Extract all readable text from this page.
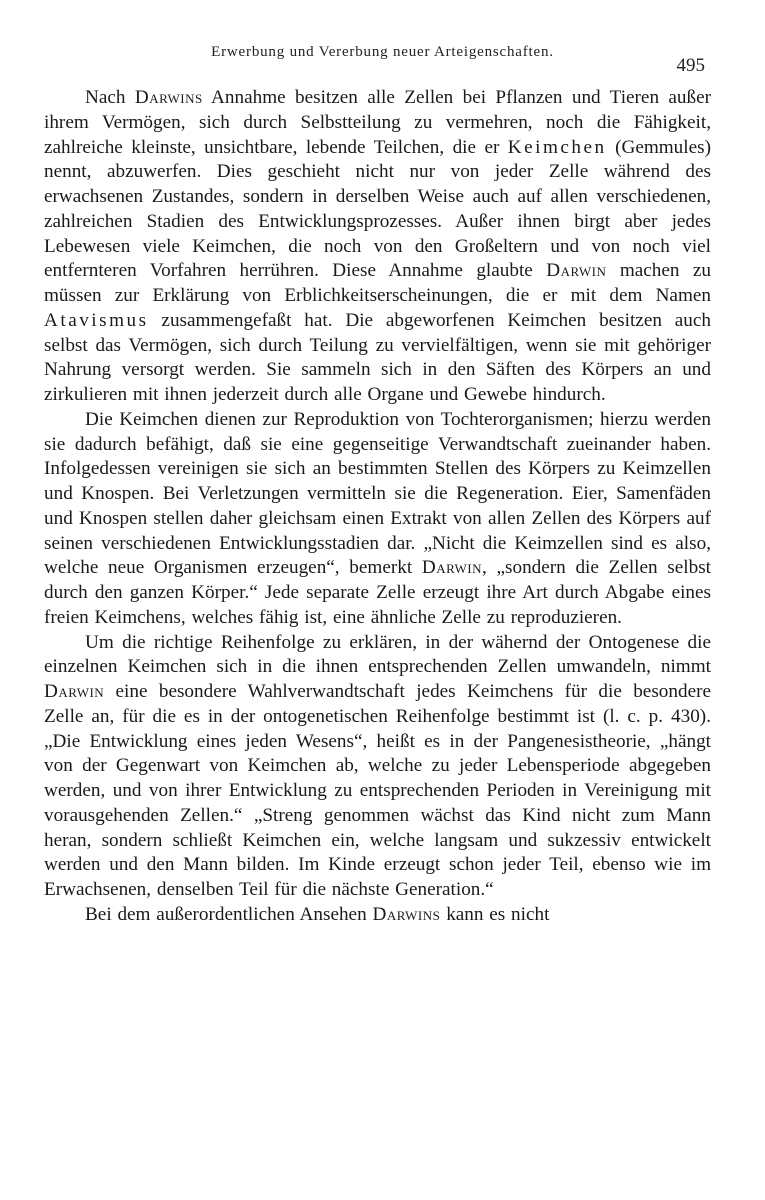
Erwerbung und Vererbung neuer Arteigenschaften.
495

Nach Darwins Annahme besitzen alle Zellen bei Pflanzen und Tieren außer ihrem Vermögen, sich durch Selbstteilung zu vermehren, noch die Fähigkeit, zahlreiche kleinste, unsichtbare, lebende Teilchen, die er Keimchen (Gemmules) nennt, abzuwerfen. Dies geschieht nicht nur von jeder Zelle während des erwachsenen Zustandes, sondern in derselben Weise auch auf allen verschiedenen, zahlreichen Stadien des Entwicklungsprozesses. Außer ihnen birgt aber jedes Lebewesen viele Keimchen, die noch von den Großeltern und von noch viel entfernteren Vorfahren herrühren. Diese Annahme glaubte Darwin machen zu müssen zur Erklärung von Erblichkeitserscheinungen, die er mit dem Namen Atavismus zusammengefaßt hat. Die abgeworfenen Keimchen besitzen auch selbst das Vermögen, sich durch Teilung zu vervielfältigen, wenn sie mit gehöriger Nahrung versorgt werden. Sie sammeln sich in den Säften des Körpers an und zirkulieren mit ihnen jederzeit durch alle Organe und Gewebe hindurch.

Die Keimchen dienen zur Reproduktion von Tochterorganismen; hierzu werden sie dadurch befähigt, daß sie eine gegenseitige Verwandtschaft zueinander haben. Infolgedessen vereinigen sie sich an bestimmten Stellen des Körpers zu Keimzellen und Knospen. Bei Verletzungen vermitteln sie die Regeneration. Eier, Samenfäden und Knospen stellen daher gleichsam einen Extrakt von allen Zellen des Körpers auf seinen verschiedenen Entwicklungsstadien dar. „Nicht die Keimzellen sind es also, welche neue Organismen erzeugen“, bemerkt Darwin, „sondern die Zellen selbst durch den ganzen Körper.“ Jede separate Zelle erzeugt ihre Art durch Abgabe eines freien Keimchens, welches fähig ist, eine ähnliche Zelle zu reproduzieren.

Um die richtige Reihenfolge zu erklären, in der wähernd der Ontogenese die einzelnen Keimchen sich in die ihnen entsprechenden Zellen umwandeln, nimmt Darwin eine besondere Wahlverwandtschaft jedes Keimchens für die besondere Zelle an, für die es in der ontogenetischen Reihenfolge bestimmt ist (l. c. p. 430). „Die Entwicklung eines jeden Wesens“, heißt es in der Pangenesistheorie, „hängt von der Gegenwart von Keimchen ab, welche zu jeder Lebensperiode abgegeben werden, und von ihrer Entwicklung zu entsprechenden Perioden in Vereinigung mit vorausgehenden Zellen.“ „Streng genommen wächst das Kind nicht zum Mann heran, sondern schließt Keimchen ein, welche langsam und sukzessiv entwickelt werden und den Mann bilden. Im Kinde erzeugt schon jeder Teil, ebenso wie im Erwachsenen, denselben Teil für die nächste Generation.“

Bei dem außerordentlichen Ansehen Darwins kann es nicht
